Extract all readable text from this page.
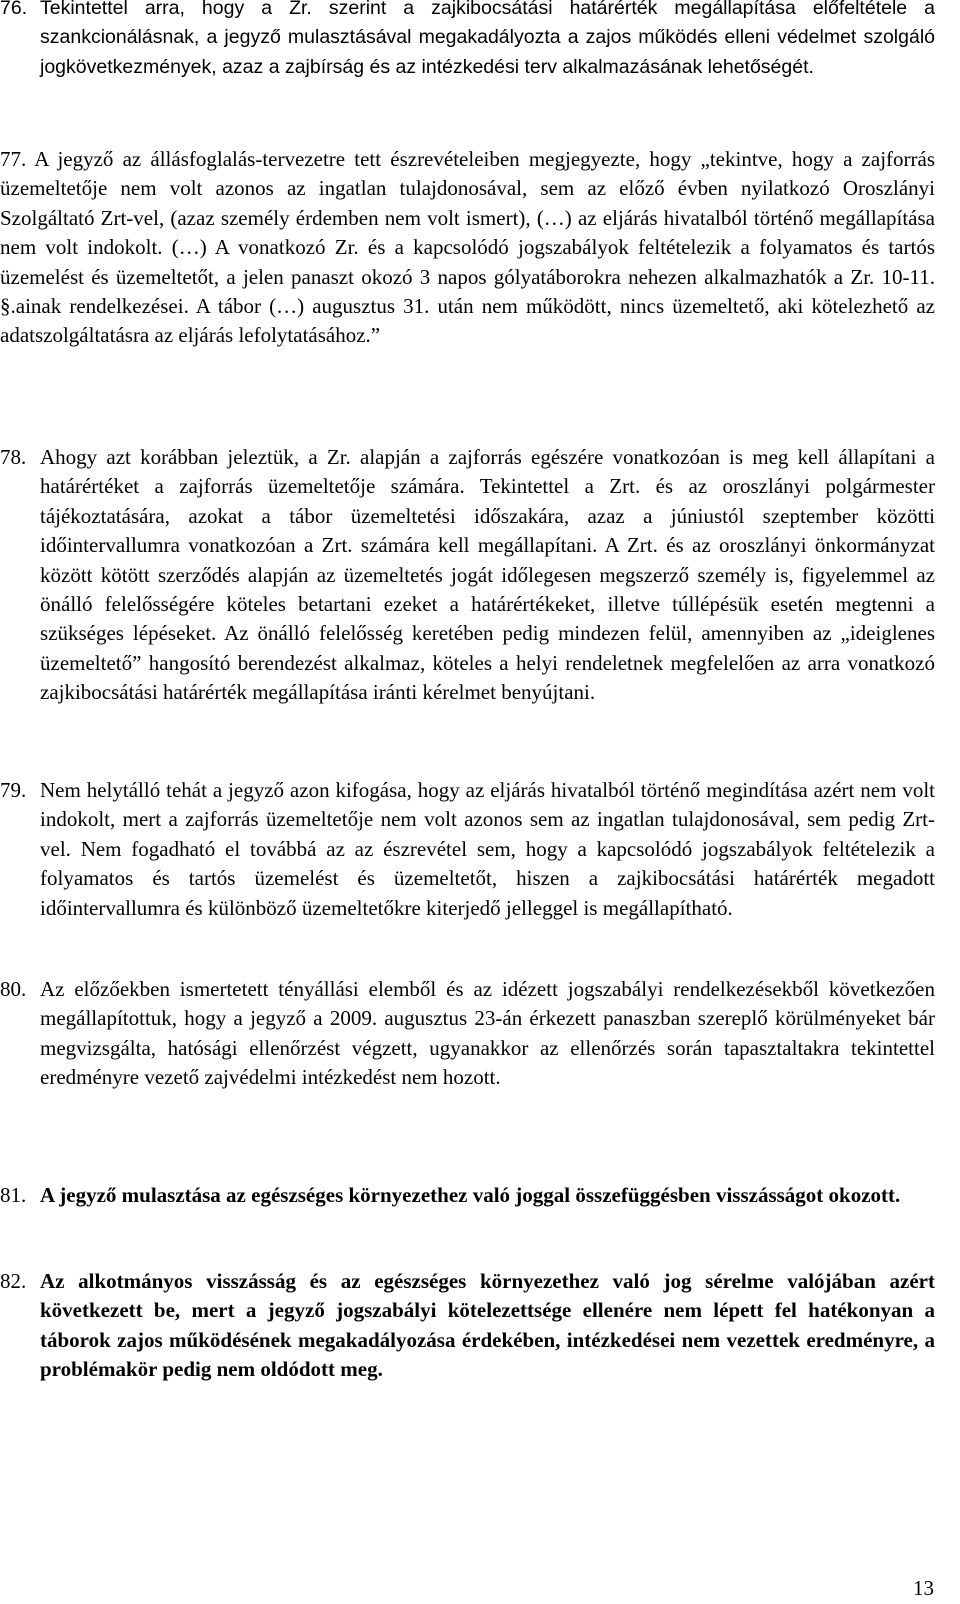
76. Tekintettel arra, hogy a Zr. szerint a zajkibocsátási határérték megállapítása előfeltétele a szankcionálásnak, a jegyző mulasztásával megakadályozta a zajos működés elleni védelmet szolgáló jogkövetkezmények, azaz a zajbírság és az intézkedési terv alkalmazásának lehetőségét.
77. A jegyző az állásfoglalás-tervezetre tett észrevételeiben megjegyezte, hogy „tekintve, hogy a zajforrás üzemeltetője nem volt azonos az ingatlan tulajdonosával, sem az előző évben nyilatkozó Oroszlányi Szolgáltató Zrt-vel, (azaz személy érdemben nem volt ismert), (…) az eljárás hivatalból történő megállapítása nem volt indokolt. (…) A vonatkozó Zr. és a kapcsolódó jogszabályok feltételezik a folyamatos és tartós üzemelést és üzemeltetőt, a jelen panaszt okozó 3 napos gólyatáborokra nehezen alkalmazhatók a Zr. 10-11. §.ainak rendelkezései. A tábor (…) augusztus 31. után nem működött, nincs üzemeltető, aki kötelezhető az adatszolgáltatásra az eljárás lefolytatásához.”
78. Ahogy azt korábban jeleztük, a Zr. alapján a zajforrás egészére vonatkozóan is meg kell állapítani a határértéket a zajforrás üzemeltetője számára. Tekintettel a Zrt. és az oroszlányi polgármester tájékoztatására, azokat a tábor üzemeltetési időszakára, azaz a júniustól szeptember közötti időintervallumra vonatkozóan a Zrt. számára kell megállapítani. A Zrt. és az oroszlányi önkormányzat között kötött szerződés alapján az üzemeltetés jogát időlegesen megszerző személy is, figyelemmel az önálló felelősségére köteles betartani ezeket a határértékeket, illetve túllépésük esetén megtenni a szükséges lépéseket. Az önálló felelősség keretében pedig mindezen felül, amennyiben az „ideiglenes üzemeltető” hangosító berendezést alkalmaz, köteles a helyi rendeletnek megfelelően az arra vonatkozó zajkibocsátási határérték megállapítása iránti kérelmet benyújtani.
79. Nem helytálló tehát a jegyző azon kifogása, hogy az eljárás hivatalból történő megindítása azért nem volt indokolt, mert a zajforrás üzemeltetője nem volt azonos sem az ingatlan tulajdonosával, sem pedig Zrt-vel. Nem fogadható el továbbá az az észrevétel sem, hogy a kapcsolódó jogszabályok feltételezik a folyamatos és tartós üzemelést és üzemeltetőt, hiszen a zajkibocsátási határérték megadott időintervallumra és különböző üzemeltetőkre kiterjedő jelleggel is megállapítható.
80. Az előzőekben ismertetett tényállási elemből és az idézett jogszabályi rendelkezésekből következően megállapítottuk, hogy a jegyző a 2009. augusztus 23-án érkezett panaszban szereplő körülményeket bár megvizsgálta, hatósági ellenőrzést végzett, ugyanakkor az ellenőrzés során tapasztaltakra tekintettel eredményre vezető zajvédelmi intézkedést nem hozott.
81. A jegyző mulasztása az egészséges környezethez való joggal összefüggésben visszásságot okozott.
82. Az alkotmányos visszásság és az egészséges környezethez való jog sérelme valójában azért következett be, mert a jegyző jogszabályi kötelezettsége ellenére nem lépett fel hatékonyan a táborok zajos működésének megakadályozása érdekében, intézkedései nem vezettek eredményre, a problémakör pedig nem oldódott meg.
13
